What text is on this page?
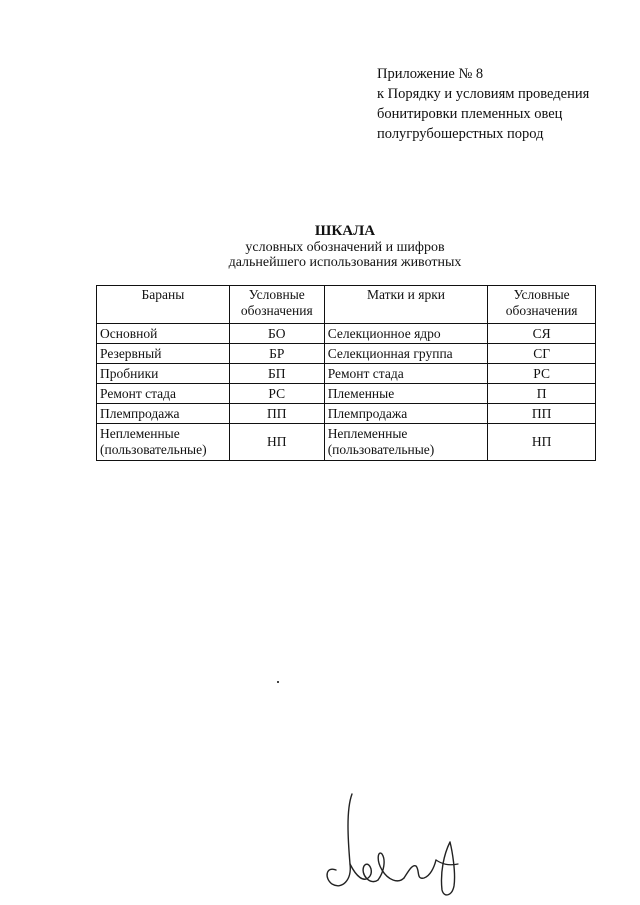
Приложение № 8
к Порядку и условиям проведения
бонитировки племенных овец
полугрубошерстных пород
ШКАЛА
условных обозначений и шифров
дальнейшего использования животных
Бараны	Условные обозначения	Матки и ярки	Условные обозначения
Основной	БО	Селекционное ядро	СЯ
Резервный	БР	Селекционная группа	СГ
Пробники	БП	Ремонт стада	РС
Ремонт стада	РС	Племенные	П
Племпродажа	ПП	Племпродажа	ПП
Неплеменные (пользовательные)	НП	Неплеменные (пользовательные)	НП
